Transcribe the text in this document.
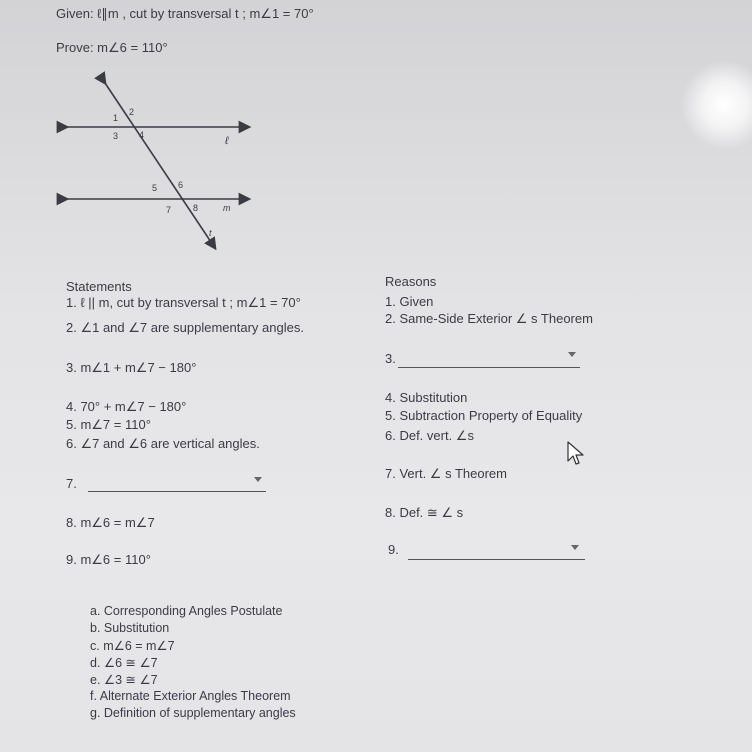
Given: ℓ∥m , cut by transversal t ; m∠1 = 70°
Prove: m∠6 = 110°
1
2
3 4
5 6
7 8
ℓ
m
t
Statements	Reasons
1. ℓ || m, cut by transversal t ; m∠1 = 70°
2. ∠1 and ∠7 are supplementary angles.
3. m∠1 + m∠7 − 180°
4. 70° + m∠7 − 180°
5. m∠7 = 110°
6. ∠7 and ∠6 are vertical angles.
7.
8. m∠6 = m∠7
9. m∠6 = 110°
1. Given
2. Same-Side Exterior ∠ s Theorem
3.
4. Substitution
5. Subtraction Property of Equality
6. Def. vert. ∠s
7. Vert. ∠ s Theorem
8. Def. ≅ ∠ s
9.
a. Corresponding Angles Postulate
b. Substitution
c. m∠6 = m∠7
d. ∠6 ≅ ∠7
e. ∠3 ≅ ∠7
f. Alternate Exterior Angles Theorem
g. Definition of supplementary angles
